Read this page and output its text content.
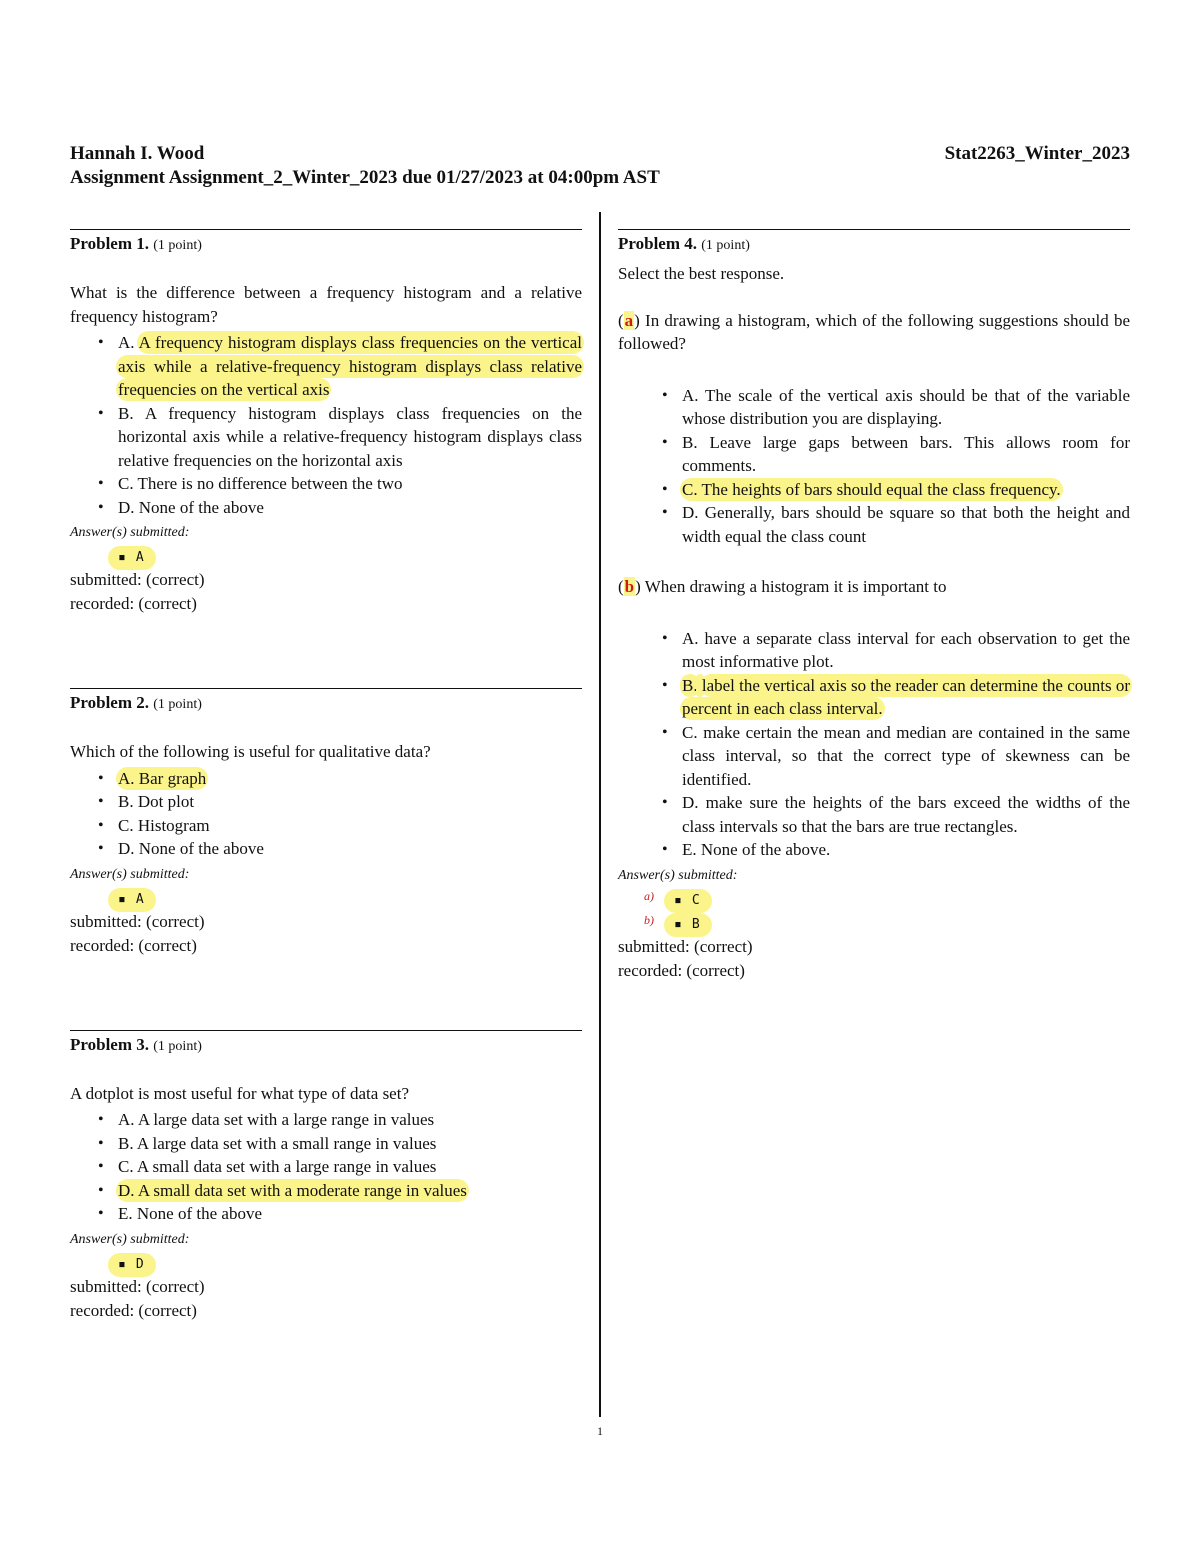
Hannah I. Wood	Stat2263_Winter_2023
Assignment Assignment_2_Winter_2023 due 01/27/2023 at 04:00pm AST
Problem 1. (1 point)
What is the difference between a frequency histogram and a relative frequency histogram?
• A. A frequency histogram displays class frequencies on the vertical axis while a relative-frequency histogram displays class relative frequencies on the vertical axis
• B. A frequency histogram displays class frequencies on the horizontal axis while a relative-frequency histogram displays class relative frequencies on the horizontal axis
• C. There is no difference between the two
• D. None of the above
Answer(s) submitted:
▪ A
submitted: (correct)
recorded: (correct)
Problem 2. (1 point)
Which of the following is useful for qualitative data?
• A. Bar graph
• B. Dot plot
• C. Histogram
• D. None of the above
Answer(s) submitted:
▪ A
submitted: (correct)
recorded: (correct)
Problem 3. (1 point)
A dotplot is most useful for what type of data set?
• A. A large data set with a large range in values
• B. A large data set with a small range in values
• C. A small data set with a large range in values
• D. A small data set with a moderate range in values
• E. None of the above
Answer(s) submitted:
▪ D
submitted: (correct)
recorded: (correct)
Problem 4. (1 point)
Select the best response.
(a) In drawing a histogram, which of the following suggestions should be followed?
• A. The scale of the vertical axis should be that of the variable whose distribution you are displaying.
• B. Leave large gaps between bars. This allows room for comments.
• C. The heights of bars should equal the class frequency.
• D. Generally, bars should be square so that both the height and width equal the class count
(b) When drawing a histogram it is important to
• A. have a separate class interval for each observation to get the most informative plot.
• B. label the vertical axis so the reader can determine the counts or percent in each class interval.
• C. make certain the mean and median are contained in the same class interval, so that the correct type of skewness can be identified.
• D. make sure the heights of the bars exceed the widths of the class intervals so that the bars are true rectangles.
• E. None of the above.
Answer(s) submitted:
a)	▪ C
b)	▪ B
submitted: (correct)
recorded: (correct)
1
